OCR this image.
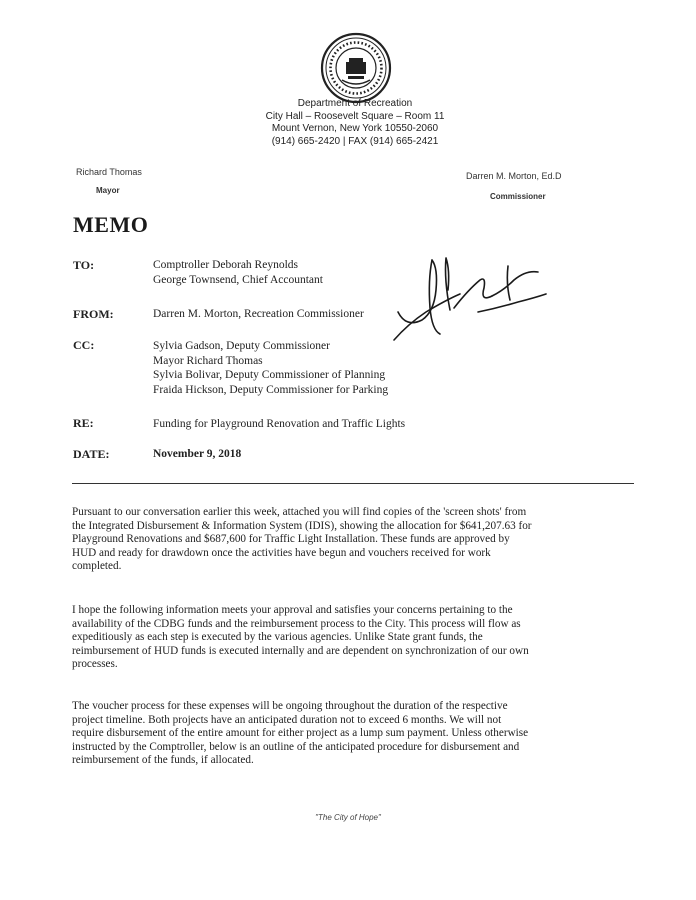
Department of Recreation
City Hall – Roosevelt Square – Room 11
Mount Vernon, New York 10550-2060
(914) 665-2420 | FAX (914) 665-2421
Richard Thomas
Mayor
Darren M. Morton, Ed.D
Commissioner
MEMO
TO:	Comptroller Deborah Reynolds
George Townsend, Chief Accountant
FROM:	Darren M. Morton, Recreation Commissioner
CC:	Sylvia Gadson, Deputy Commissioner
Mayor Richard Thomas
Sylvia Bolivar, Deputy Commissioner of Planning
Fraida Hickson, Deputy Commissioner for Parking
RE:	Funding for Playground Renovation and Traffic Lights
DATE:	November 9, 2018
Pursuant to our conversation earlier this week, attached you will find copies of the 'screen shots' from
the Integrated Disbursement & Information System (IDIS), showing the allocation for $641,207.63 for
Playground Renovations and $687,600 for Traffic Light Installation. These funds are approved by
HUD and ready for drawdown once the activities have begun and vouchers received for work
completed.
I hope the following information meets your approval and satisfies your concerns pertaining to the
availability of the CDBG funds and the reimbursement process to the City. This process will flow as
expeditiously as each step is executed by the various agencies. Unlike State grant funds, the
reimbursement of HUD funds is executed internally and are dependent on synchronization of our own
processes.
The voucher process for these expenses will be ongoing throughout the duration of the respective
project timeline. Both projects have an anticipated duration not to exceed 6 months. We will not
require disbursement of the entire amount for either project as a lump sum payment. Unless otherwise
instructed by the Comptroller, below is an outline of the anticipated procedure for disbursement and
reimbursement of the funds, if allocated.
"The City of Hope"
